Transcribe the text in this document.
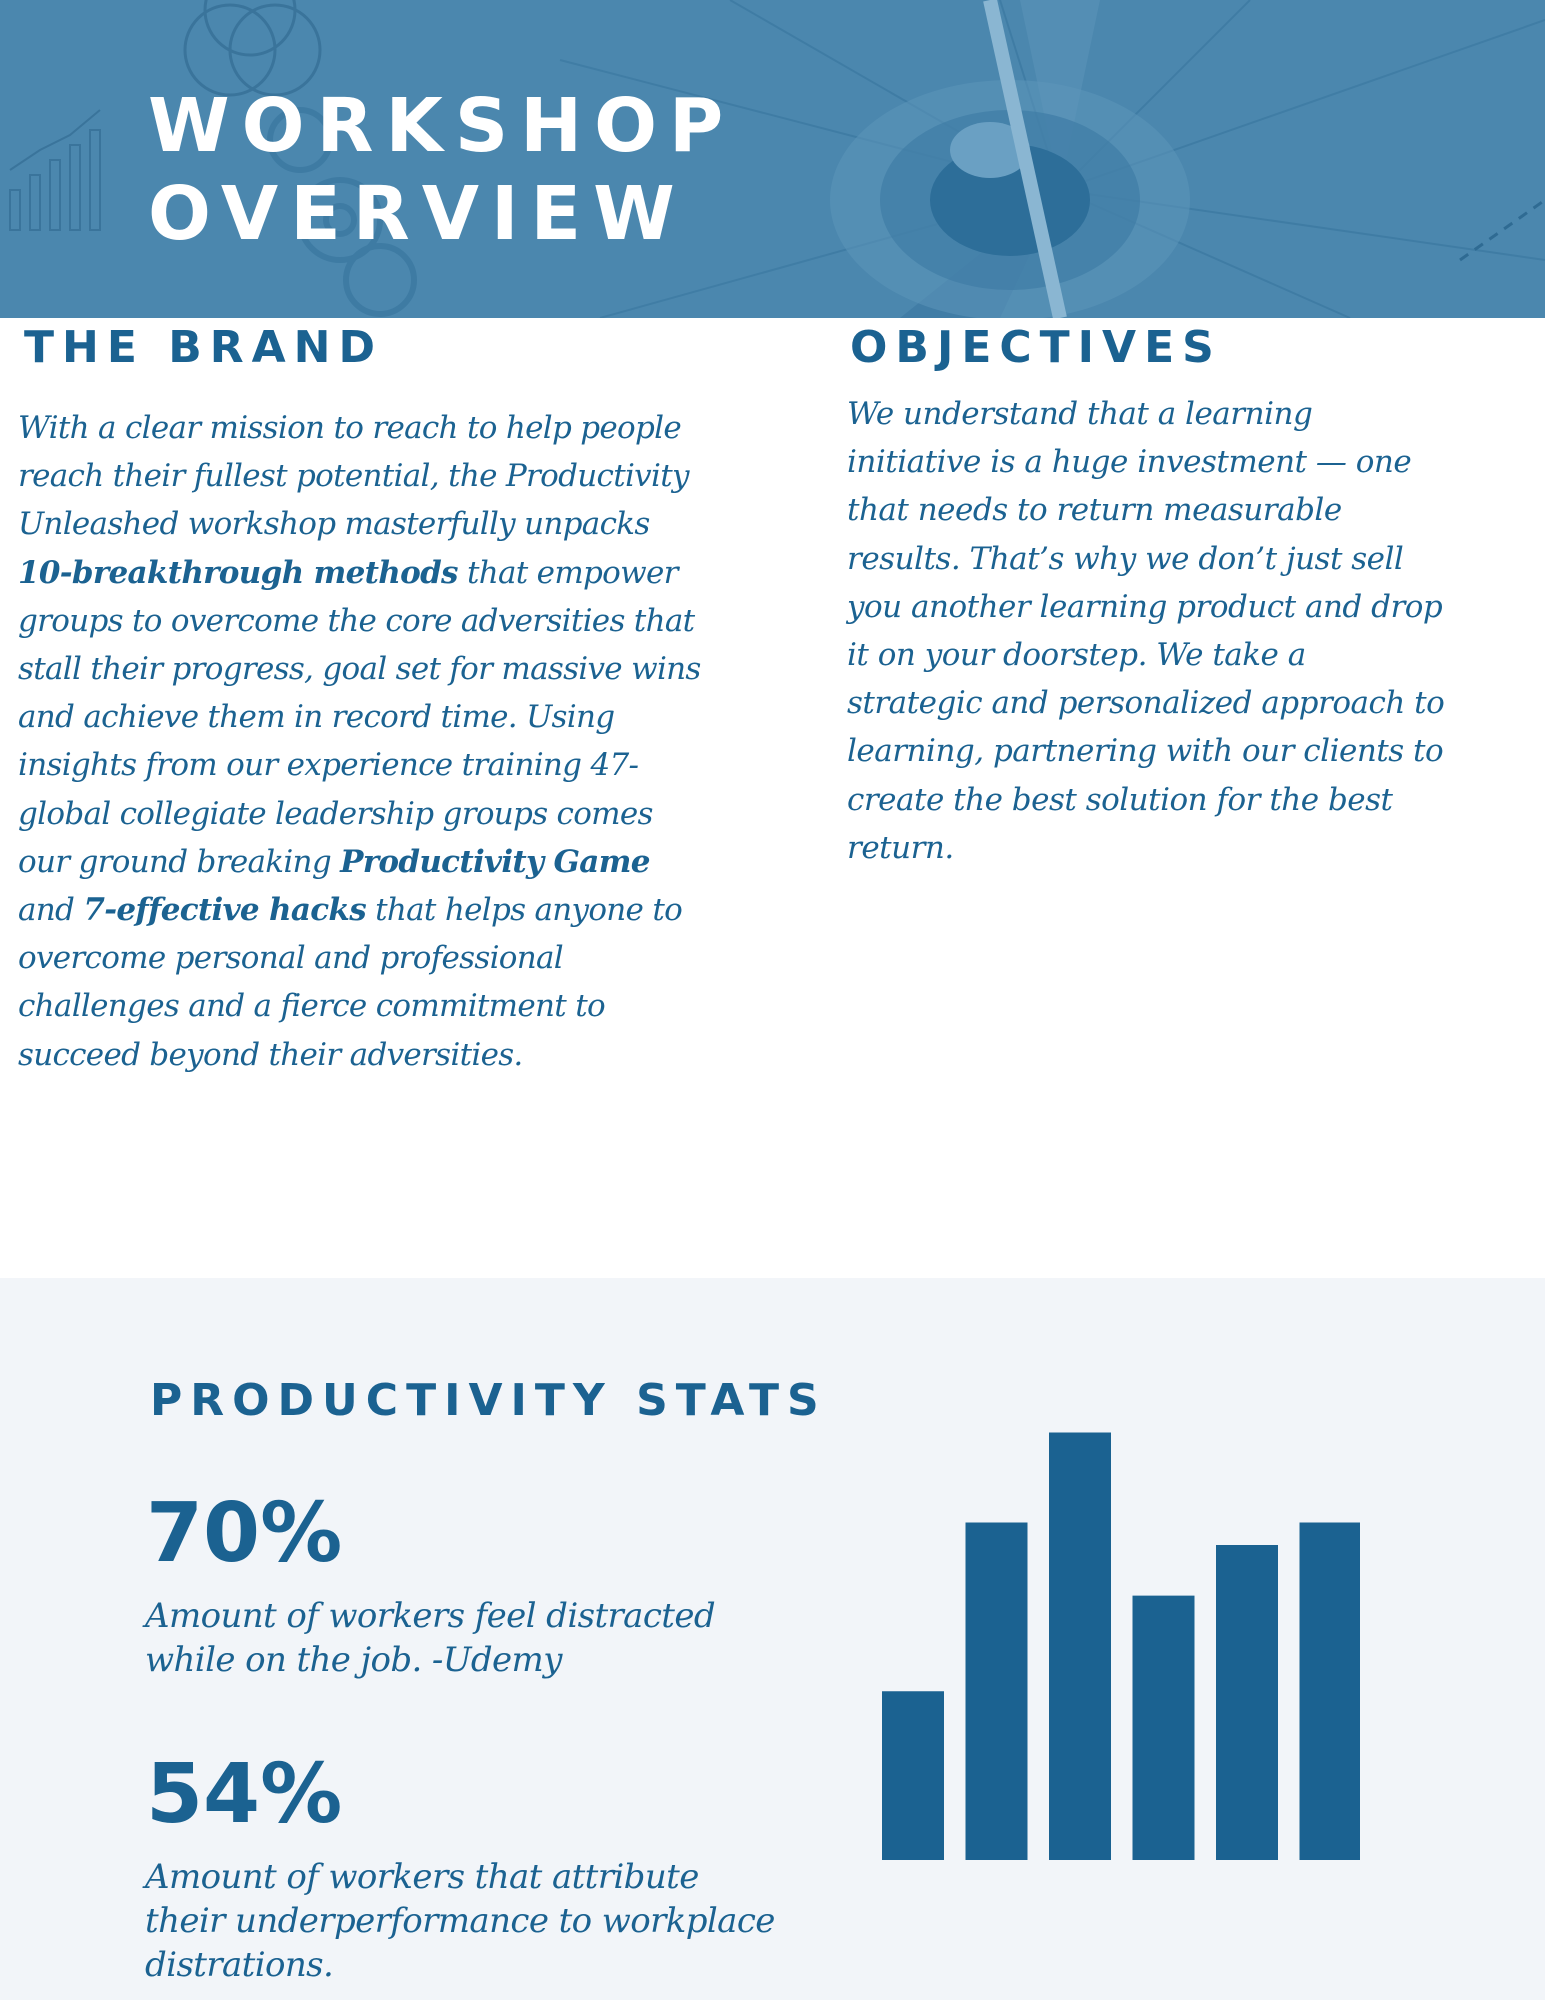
WORKSHOP
OVERVIEW
THE BRAND

With a clear mission to reach to help people reach their fullest potential, the Productivity Unleashed workshop masterfully unpacks 10-breakthrough methods that empower groups to overcome the core adversities that stall their progress, goal set for massive wins and achieve them in record time. Using insights from our experience training 47-global collegiate leadership groups comes our ground breaking Productivity Game and 7-effective hacks that helps anyone to overcome personal and professional challenges and a fierce commitment to succeed beyond their adversities.

OBJECTIVES

We understand that a learning initiative is a huge investment — one that needs to return measurable results. That’s why we don’t just sell you another learning product and drop it on your doorstep. We take a strategic and personalized approach to learning, partnering with our clients to create the best solution for the best return.

PRODUCTIVITY STATS
70%

Amount of workers feel distracted while on the job. -Udemy

54%

Amount of workers that attribute their underperformance to workplace distrations.
